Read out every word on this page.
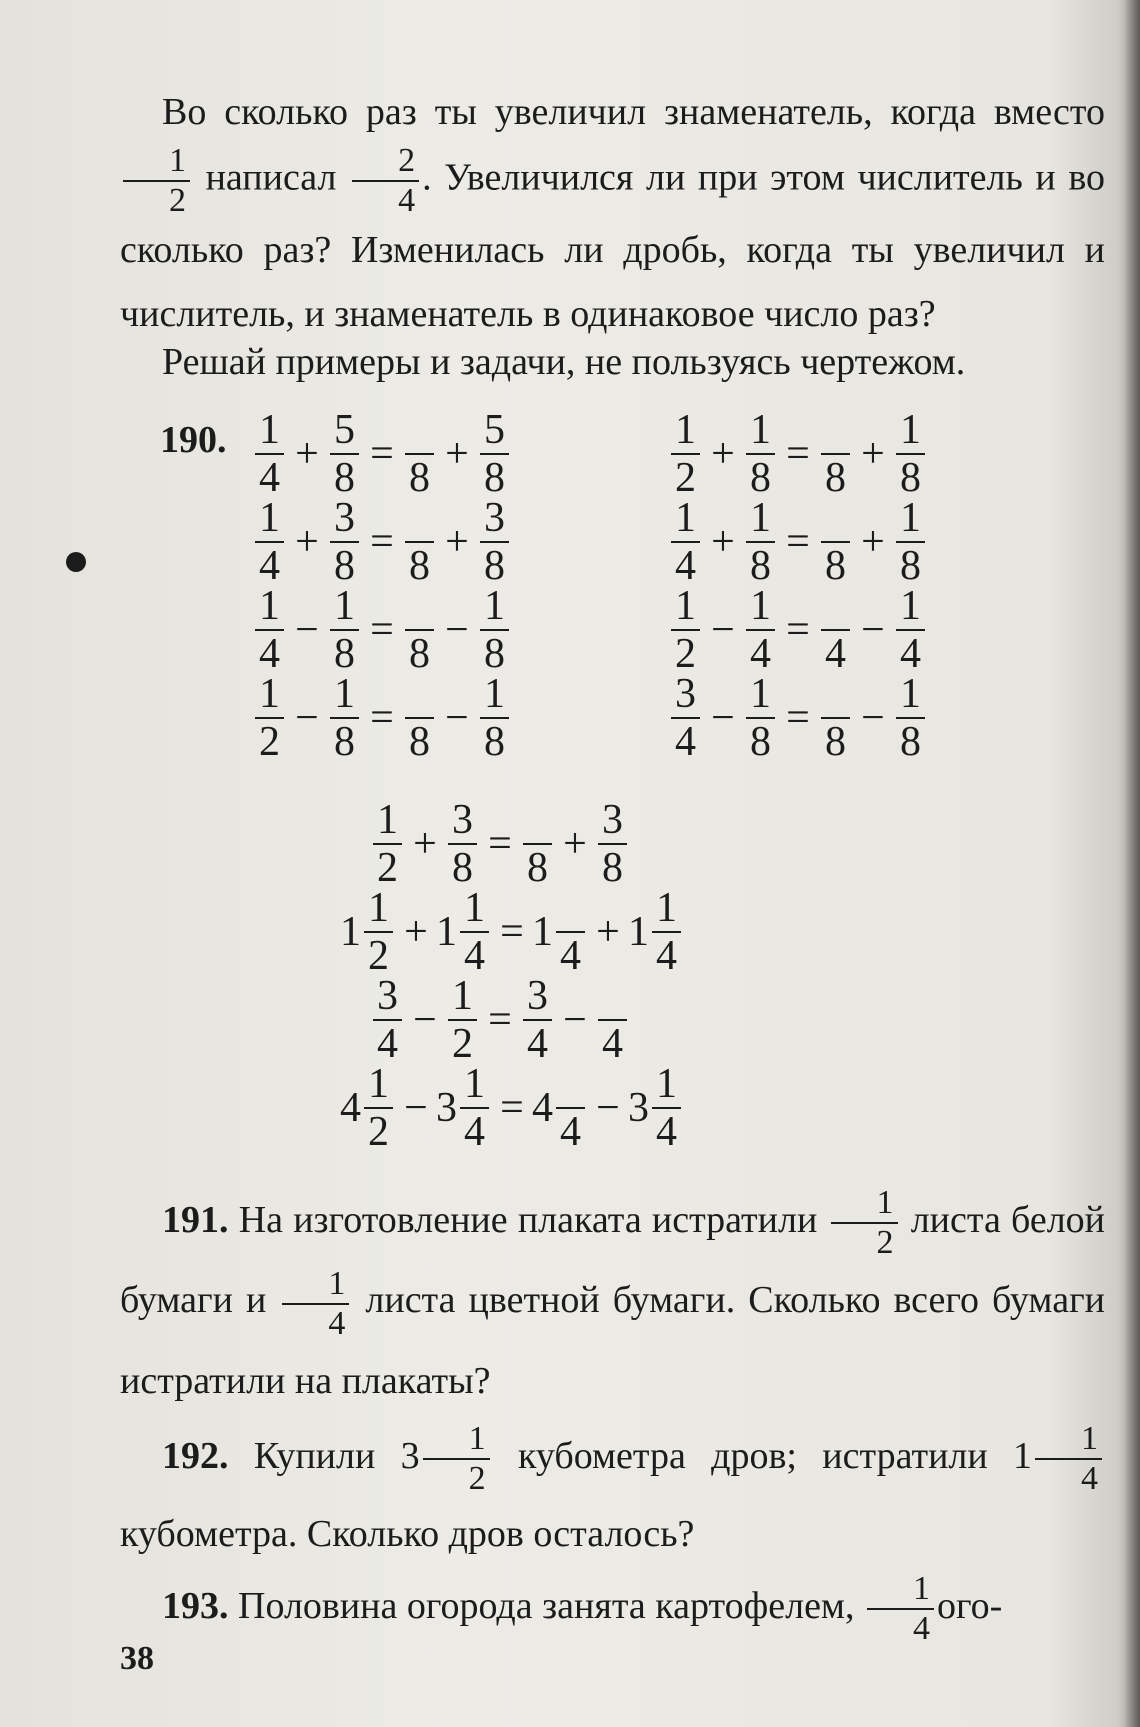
Во сколько раз ты увеличил знаменатель, когда вместо
$\frac{1}{2}$ написал $\frac{2}{4}$ . Увеличился ли при этом числитель и во сколько раз? Изменилась ли дробь, когда ты увеличил и числитель, и знаменатель в одинаковое число раз?
Решай примеры и задачи, не пользуясь чертежом.
190. $\frac{1}{4} + \frac{5}{8}$ =
8
+ $\frac{5}{8}$
$\frac{1}{4} + \frac{3}{8}$ =
8
+ $\frac{3}{8}$
$\frac{1}{4} - \frac{1}{8}$ =
8
− $\frac{1}{8}$
$\frac{1}{2} - \frac{1}{8}$ =
8
− $\frac{1}{8}$
$\frac{1}{2} + \frac{1}{8}$ =
8
+ $\frac{1}{8}$
$\frac{1}{4} + \frac{1}{8}$ =
8
+ $\frac{1}{8}$
$\frac{1}{2} - \frac{1}{4}$ =
4
− $\frac{1}{4}$
$\frac{3}{4} - \frac{1}{8}$ =
8
− $\frac{1}{8}$
$\frac{1}{2} + \frac{3}{8}$ =
8
+ $\frac{3}{8}$
$1 \frac{1}{2} + 1 \frac{1}{4} = 1$
4
+ $1 \frac{1}{4}$
$\frac{3}{4} - \frac{1}{2} = \frac{3}{4}$ −
4
$4 \frac{1}{2} - 3 \frac{1}{4} = 4$
4
− $3 \frac{1}{4}$
191. На изготовление плаката истратили $\frac{1}{2}$ листа белой бумаги и $\frac{1}{4}$ листа цветной бумаги. Сколько всего бумаги истратили на плакаты?
192. Купили $3 \frac{1}{2}$ кубометра дров; истратили $1 \frac{1}{4}$
кубометра. Сколько дров осталось?
193. Половина огорода занята картофелем, $\frac{1}{4} ого-$
38
